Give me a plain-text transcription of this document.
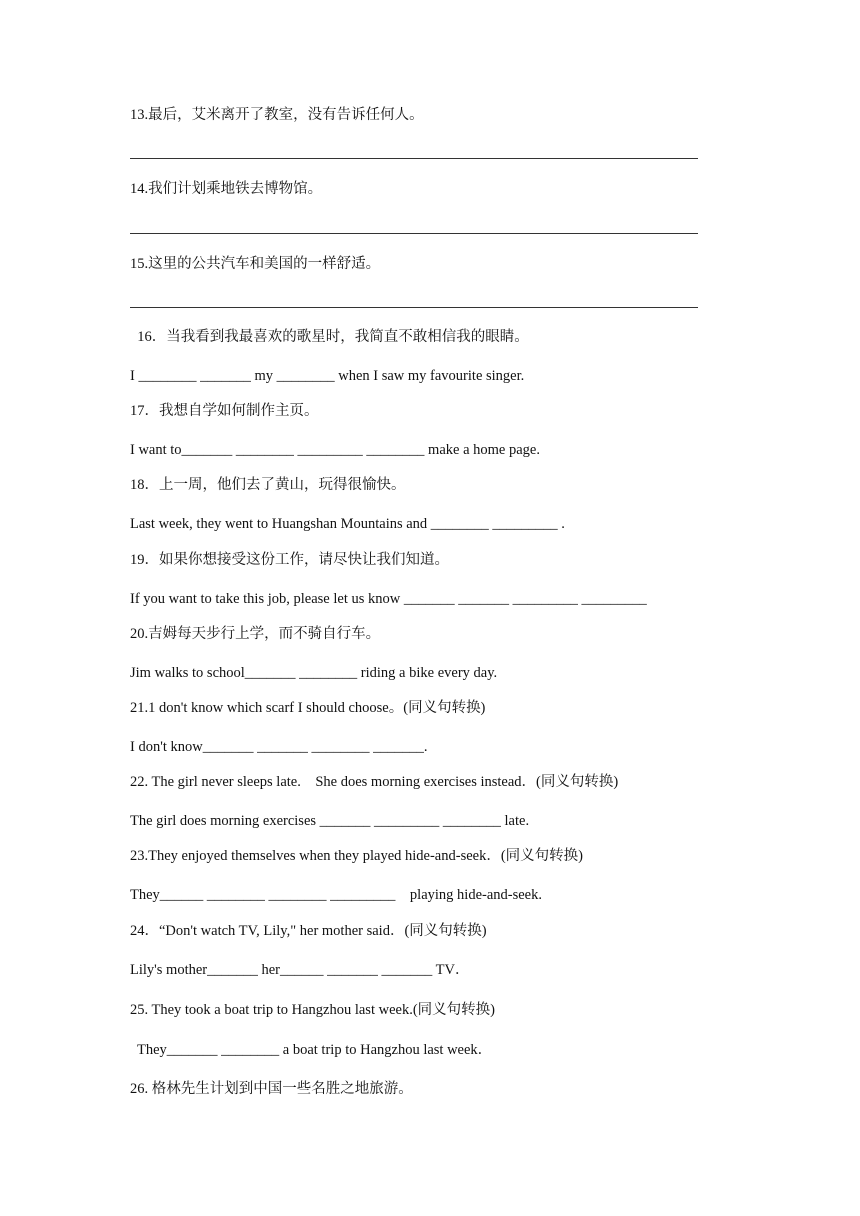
13.最后，艾米离开了教室，没有告诉任何人。
14.我们计划乘地铁去博物馆。
15.这里的公共汽车和美国的一样舒适。
16．当我看到我最喜欢的歌星时，我简直不敢相信我的眼睛。
I ________ _______ my ________ when I saw my favourite singer.
17．我想自学如何制作主页。
I want to_______ ________ _________ ________ make a home page.
18．上一周，他们去了黄山，玩得很愉快。
Last week, they went to Huangshan Mountains and ________ _________ .
19．如果你想接受这份工作，请尽快让我们知道。
If you want to take this job, please let us know _______ _______ _________ _________
20.吉姆每天步行上学，而不骑自行车。
Jim walks to school_______ ________ riding a bike every day.
21.1 don't know which scarf I should choose。(同义句转换)
I don't know_______ _______ ________ _______.
22. The girl never sleeps late.    She does morning exercises instead．(同义句转换)
The girl does morning exercises _______ _________ ________ late.
23.They enjoyed themselves when they played hide-and-seek．(同义句转换)
They______ ________ ________ _________    playing hide-and-seek.
24．“Don't watch TV, Lily," her mother said．(同义句转换)
Lily's mother_______ her______ _______ _______ TV．
25. They took a boat trip to Hangzhou last week.(同义句转换)
They_______ ________ a boat trip to Hangzhou last week．
26. 格林先生计划到中国一些名胜之地旅游。
